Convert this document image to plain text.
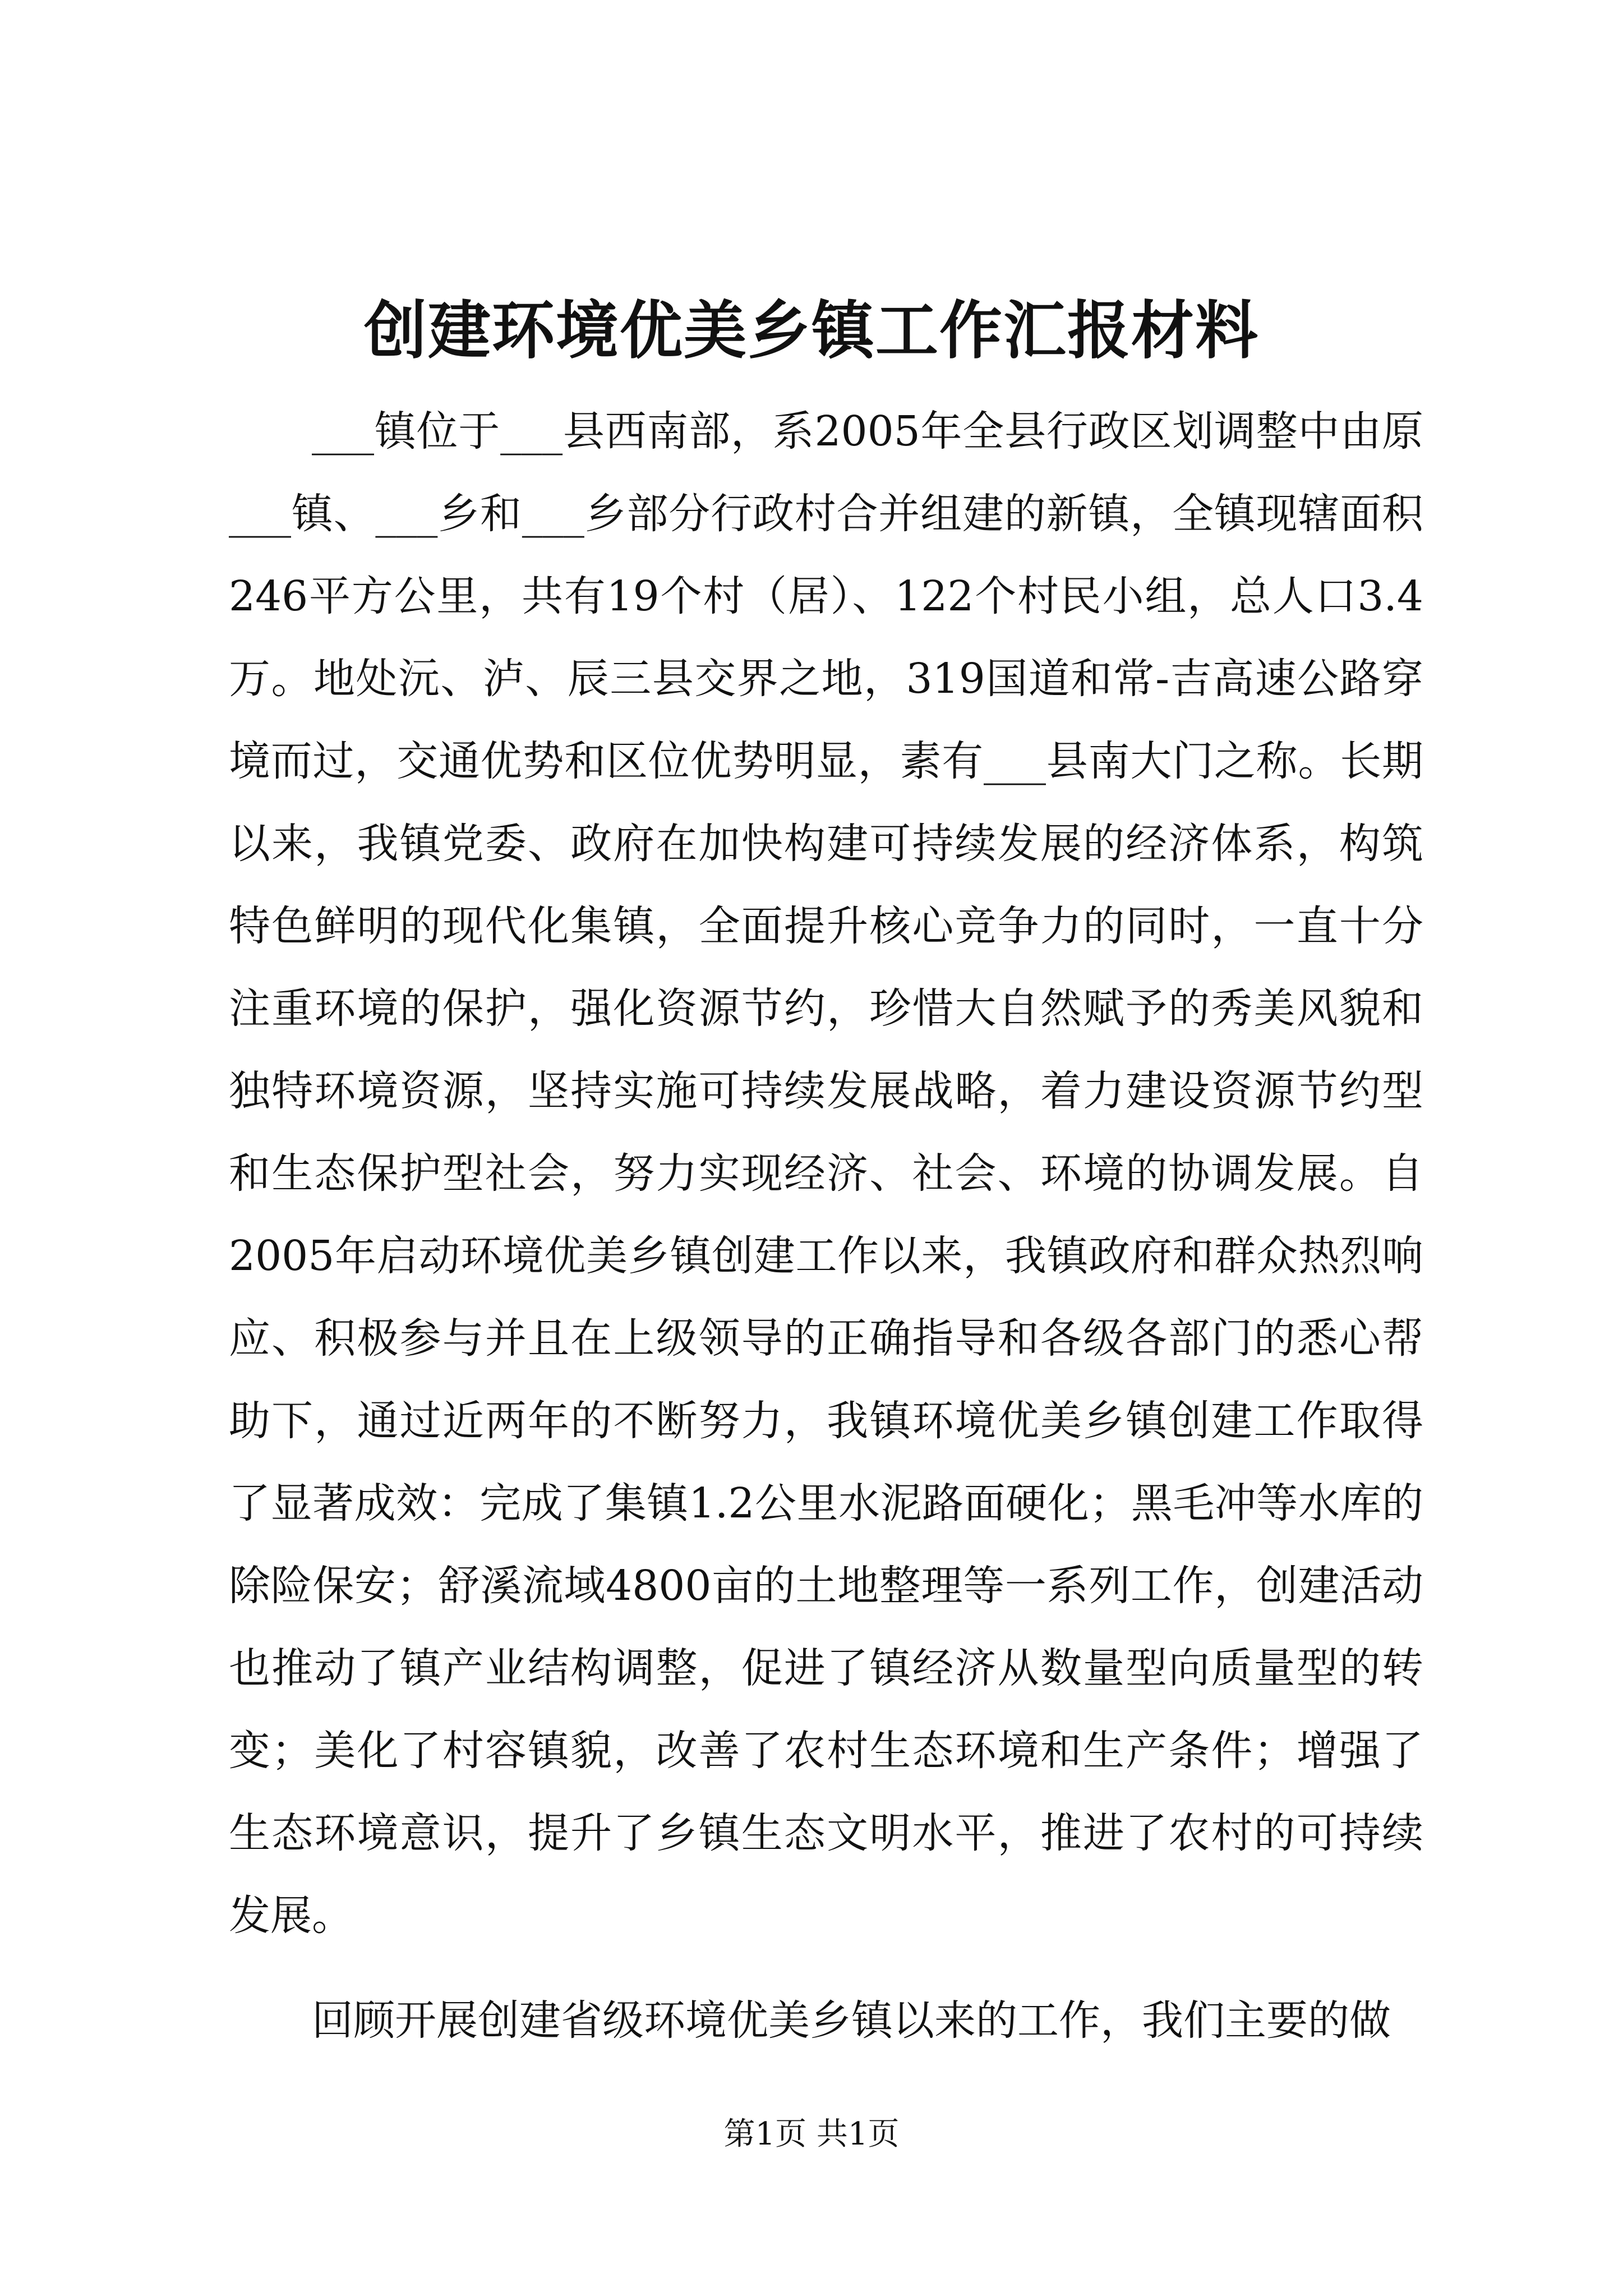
创建环境优美乡镇工作汇报材料

___镇位于___县西南部，系2005年全县行政区划调整中由原___镇、___乡和___乡部分行政村合并组建的新镇，全镇现辖面积246平方公里，共有19个村（居）、122个村民小组，总人口3.4万。地处沅、泸、辰三县交界之地，319国道和常-吉高速公路穿境而过，交通优势和区位优势明显，素有___县南大门之称。长期以来，我镇党委、政府在加快构建可持续发展的经济体系，构筑特色鲜明的现代化集镇，全面提升核心竞争力的同时，一直十分注重环境的保护，强化资源节约，珍惜大自然赋予的秀美风貌和独特环境资源，坚持实施可持续发展战略，着力建设资源节约型和生态保护型社会，努力实现经济、社会、环境的协调发展。自2005年启动环境优美乡镇创建工作以来，我镇政府和群众热烈响应、积极参与并且在上级领导的正确指导和各级各部门的悉心帮助下，通过近两年的不断努力，我镇环境优美乡镇创建工作取得了显著成效：完成了集镇1.2公里水泥路面硬化；黑毛冲等水库的除险保安；舒溪流域4800亩的土地整理等一系列工作，创建活动也推动了镇产业结构调整，促进了镇经济从数量型向质量型的转变；美化了村容镇貌，改善了农村生态环境和生产条件；增强了生态环境意识，提升了乡镇生态文明水平，推进了农村的可持续发展。

回顾开展创建省级环境优美乡镇以来的工作，我们主要的做

第1页 共1页
